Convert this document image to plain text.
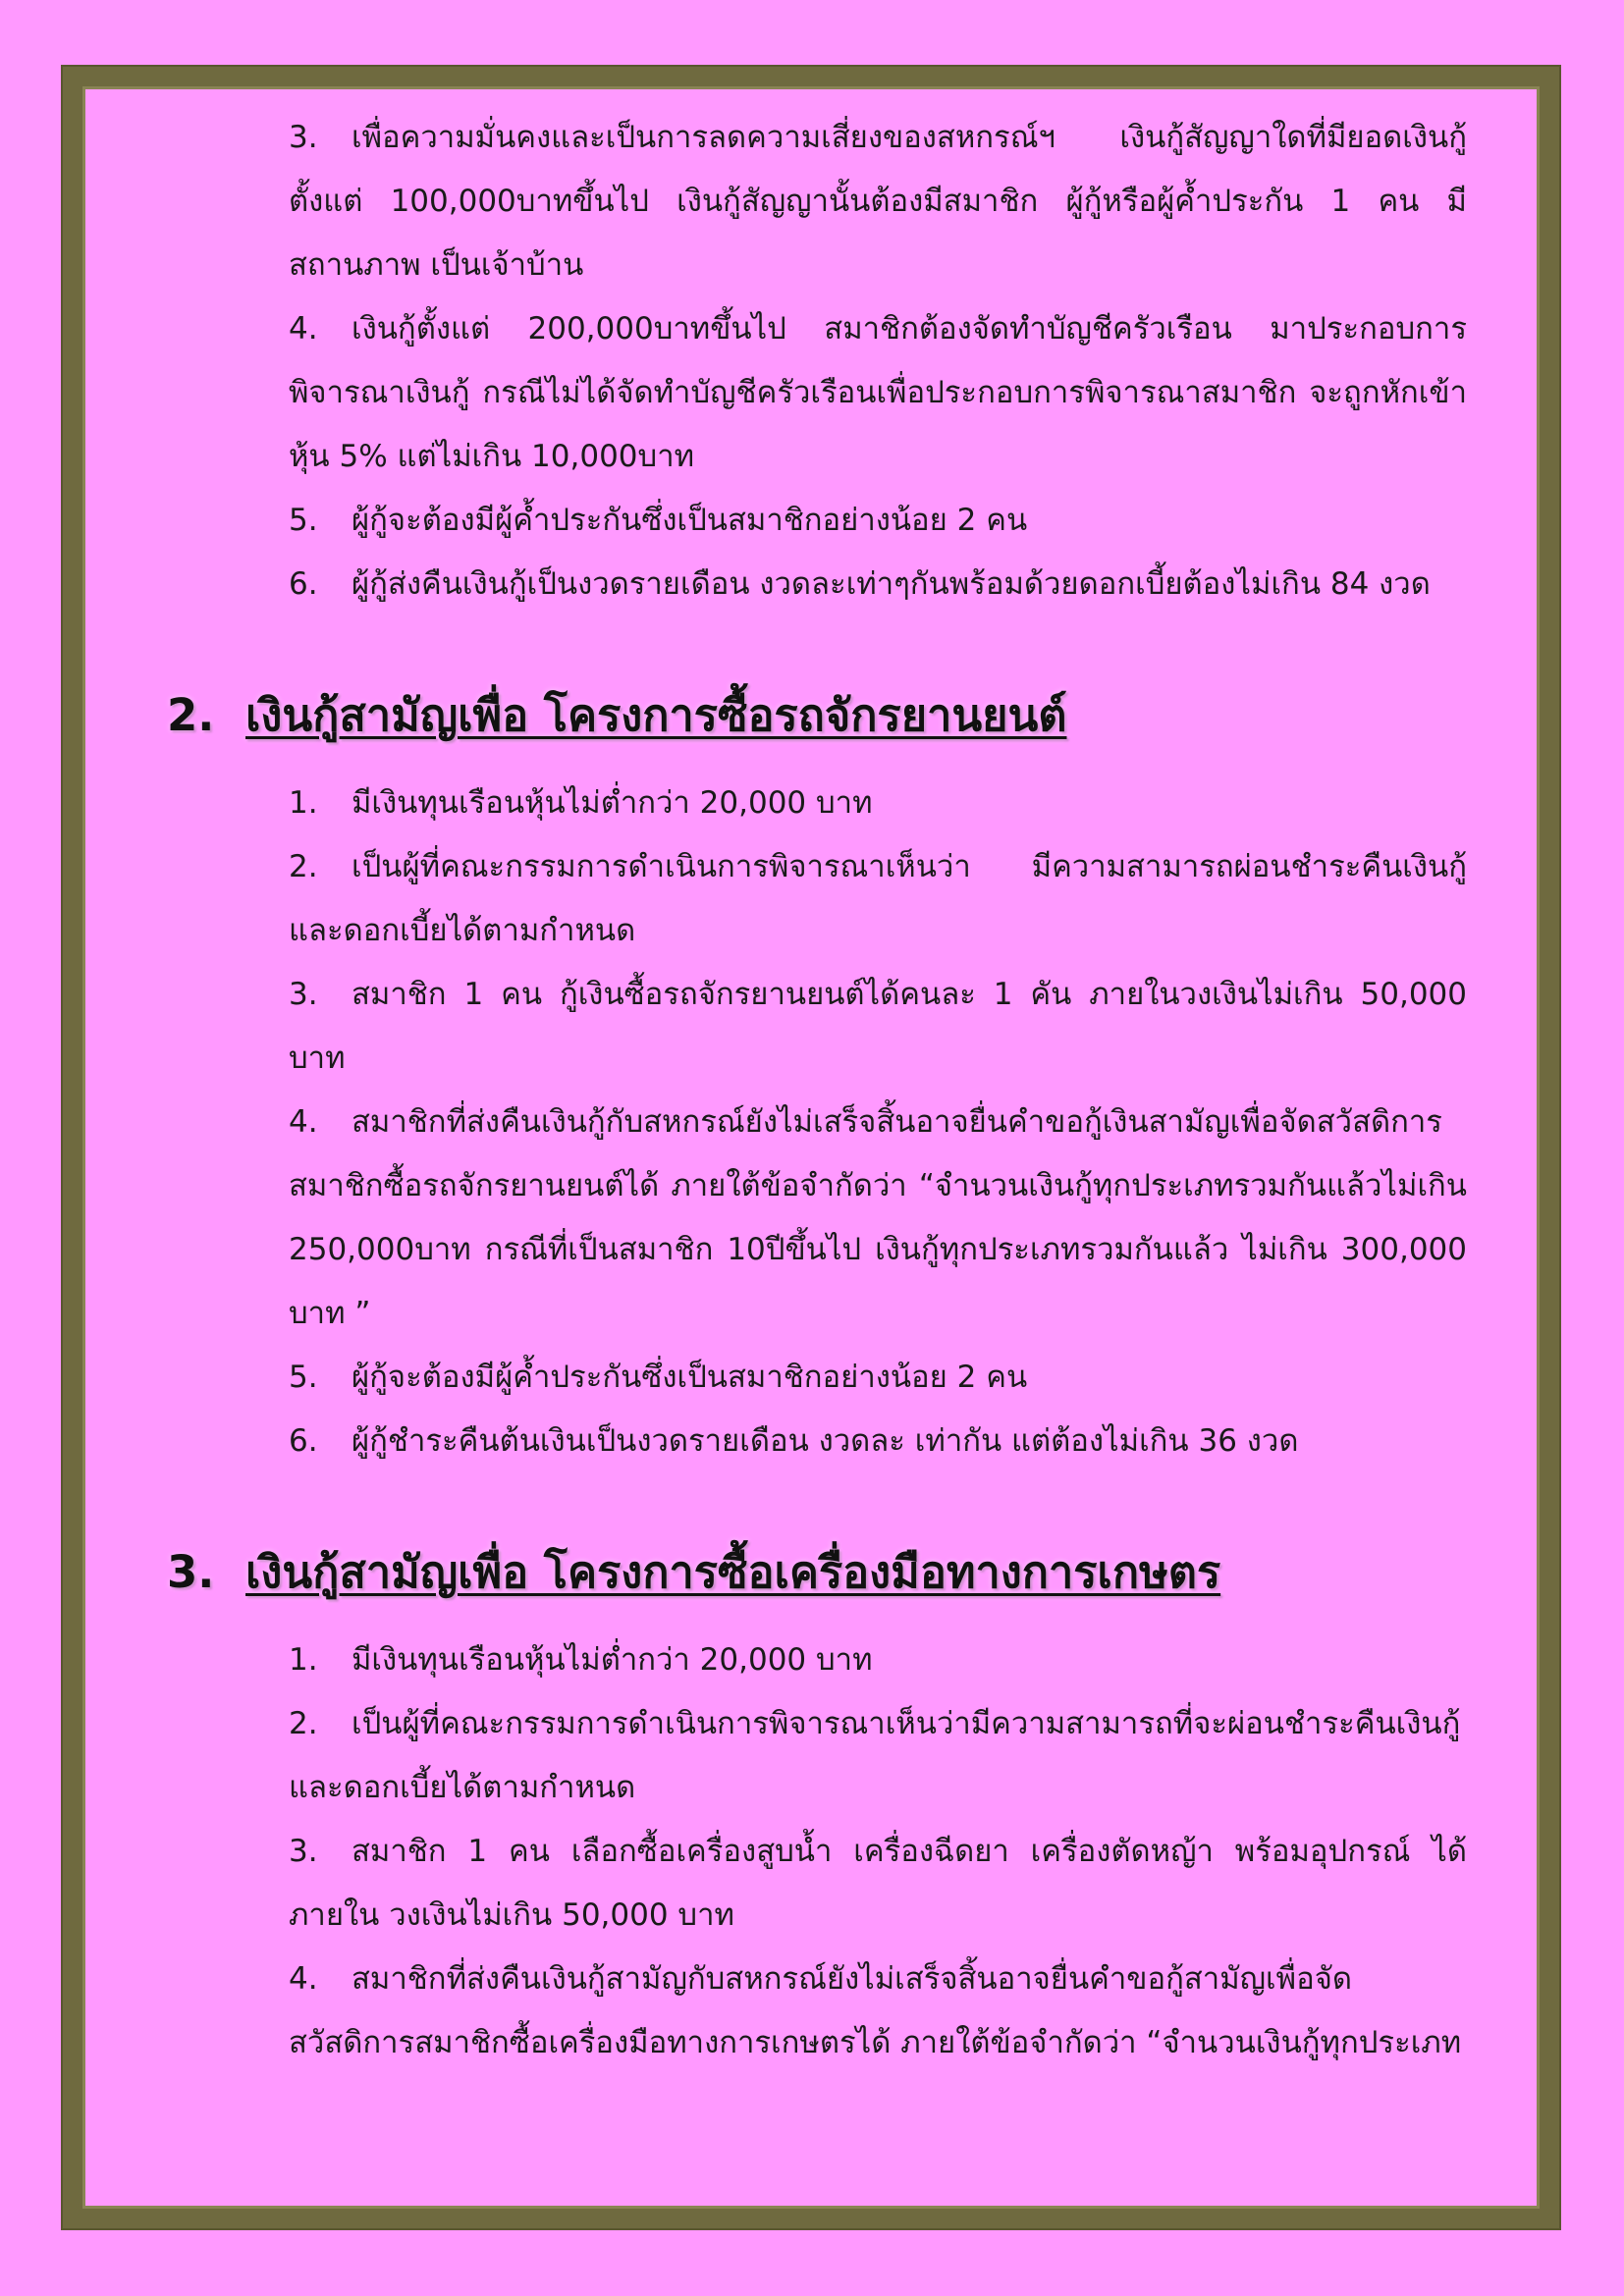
3. เพื่อความมั่นคงและเป็นการลดความเสี่ยงของสหกรณ์ฯ เงินกู้สัญญาใดที่มียอดเงินกู้ตั้งแต่ 100,000บาทขึ้นไป เงินกู้สัญญานั้นต้องมีสมาชิก ผู้กู้หรือผู้ค้ำประกัน 1 คน มีสถานภาพ เป็นเจ้าบ้าน

4. เงินกู้ตั้งแต่ 200,000บาทขึ้นไป สมาชิกต้องจัดทำบัญชีครัวเรือน มาประกอบการพิจารณาเงินกู้ กรณีไม่ได้จัดทำบัญชีครัวเรือนเพื่อประกอบการพิจารณาสมาชิก จะถูกหักเข้าหุ้น 5% แต่ไม่เกิน 10,000บาท

5. ผู้กู้จะต้องมีผู้ค้ำประกันซึ่งเป็นสมาชิกอย่างน้อย 2 คน

6. ผู้กู้ส่งคืนเงินกู้เป็นงวดรายเดือน งวดละเท่าๆกันพร้อมด้วยดอกเบี้ยต้องไม่เกิน 84 งวด

2. เงินกู้สามัญเพื่อ โครงการซื้อรถจักรยานยนต์

1. มีเงินทุนเรือนหุ้นไม่ต่ำกว่า 20,000 บาท

2. เป็นผู้ที่คณะกรรมการดำเนินการพิจารณาเห็นว่า มีความสามารถผ่อนชำระคืนเงินกู้และดอกเบี้ยได้ตามกำหนด

3. สมาชิก 1 คน กู้เงินซื้อรถจักรยานยนต์ได้คนละ 1 คัน ภายในวงเงินไม่เกิน 50,000 บาท

4. สมาชิกที่ส่งคืนเงินกู้กับสหกรณ์ยังไม่เสร็จสิ้นอาจยื่นคำขอกู้เงินสามัญเพื่อจัดสวัสดิการสมาชิกซื้อรถจักรยานยนต์ได้ ภายใต้ข้อจำกัดว่า “จำนวนเงินกู้ทุกประเภทรวมกันแล้วไม่เกิน 250,000บาท กรณีที่เป็นสมาชิก 10ปีขึ้นไป เงินกู้ทุกประเภทรวมกันแล้ว ไม่เกิน 300,000 บาท ”

5. ผู้กู้จะต้องมีผู้ค้ำประกันซึ่งเป็นสมาชิกอย่างน้อย 2 คน

6. ผู้กู้ชำระคืนต้นเงินเป็นงวดรายเดือน งวดละ เท่ากัน แต่ต้องไม่เกิน 36 งวด

3. เงินกู้สามัญเพื่อ โครงการซื้อเครื่องมือทางการเกษตร

1. มีเงินทุนเรือนหุ้นไม่ต่ำกว่า 20,000 บาท

2. เป็นผู้ที่คณะกรรมการดำเนินการพิจารณาเห็นว่ามีความสามารถที่จะผ่อนชำระคืนเงินกู้และดอกเบี้ยได้ตามกำหนด

3. สมาชิก 1 คน เลือกซื้อเครื่องสูบน้ำ เครื่องฉีดยา เครื่องตัดหญ้า พร้อมอุปกรณ์ ได้ภายใน วงเงินไม่เกิน 50,000 บาท

4. สมาชิกที่ส่งคืนเงินกู้สามัญกับสหกรณ์ยังไม่เสร็จสิ้นอาจยื่นคำขอกู้สามัญเพื่อจัดสวัสดิการสมาชิกซื้อเครื่องมือทางการเกษตรได้ ภายใต้ข้อจำกัดว่า “จำนวนเงินกู้ทุกประเภท
